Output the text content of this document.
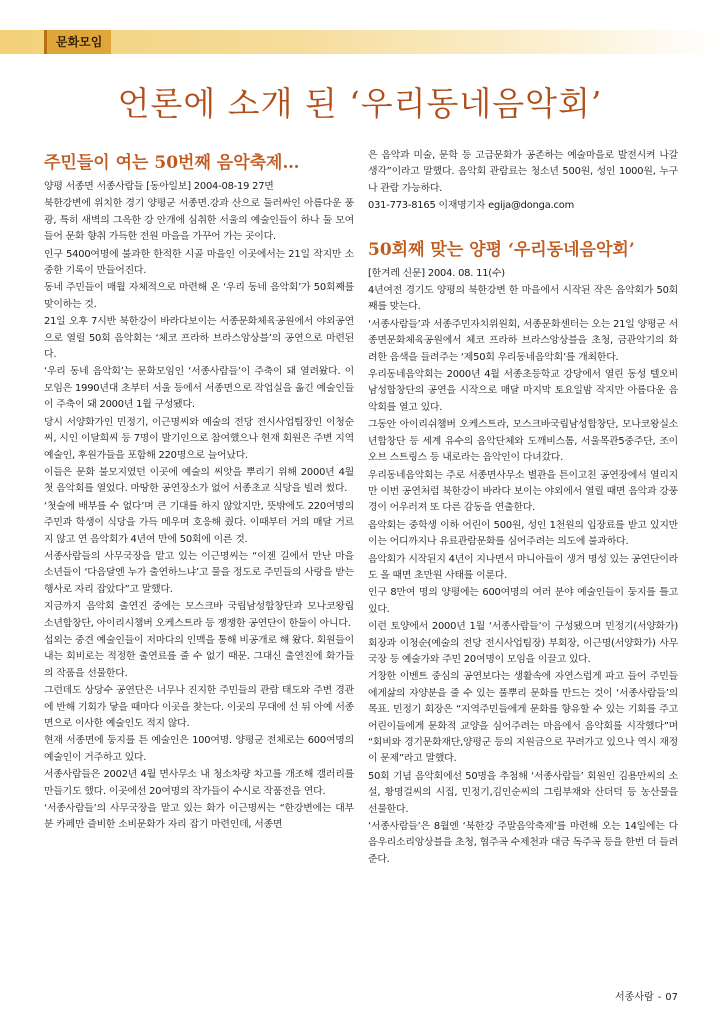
문화모임
언론에 소개 된 ‘우리동네음악회’
주민들이 여는 50번째 음악축제…

양평 서종면 서종사람들 [동아일보] 2004-08-19 27면

북한강변에 위치한 경기 양평군 서종면.강과 산으로 둘러싸인 아름다운 풍광, 특히 새벽의 그윽한 강 안개에 심취한 서울의 예술인들이 하나 둘 모여들어 문화 향취 가득한 전원 마을을 가꾸어 가는 곳이다.

인구 5400여명에 불과한 한적한 시골 마을인 이곳에서는 21일 작지만 소중한 기록이 만들어진다.

동네 주민들이 매월 자체적으로 마련해 온 ‘우리 동네 음악회’가 50회째를 맞이하는 것.

21일 오후 7시반 북한강이 바라다보이는 서종문화체육공원에서 야외공연으로 열릴 50회 음악회는 ‘체코 프라하 브라스앙상블’의 공연으로 마련된다.

‘우리 동네 음악회’는 문화모임인 ‘서종사람들’이 주축이 돼 열려왔다. 이 모임은 1990년대 초부터 서울 등에서 서종면으로 작업실을 옮긴 예술인들이 주축이 돼 2000년 1월 구성됐다.

당시 서양화가인 민정기, 이근명씨와 예술의 전당 전시사업팀장인 이청순씨, 시인 이달희씨 등 7명이 발기인으로 참여했으나 현재 회원은 주변 지역 예술인, 후원가들을 포함해 220명으로 늘어났다.

이들은 문화 불모지였던 이곳에 예술의 씨앗을 뿌리기 위해 2000년 4월 첫 음악회를 열었다. 마땅한 공연장소가 없어 서종초교 식당을 빌려 썼다.

‘첫술에 배부를 수 없다’며 큰 기대를 하지 않았지만, 뜻밖에도 220여명의 주민과 학생이 식당을 가득 메우며 호응해 줬다. 이때부터 거의 매달 거르지 않고 연 음악회가 4년여 만에 50회에 이른 것.

서종사람들의 사무국장을 맡고 있는 이근명씨는 “이젠 길에서 만난 마을 소년들이 ‘다음달엔 누가 출연하느냐’고 물을 정도로 주민들의 사랑을 받는 행사로 자리 잡았다”고 말했다.

지금까지 음악회 출연진 중에는 모스크바 국립남성합창단과 모나코왕립 소년합창단, 아이리시챔버 오케스트라 등 쟁쟁한 공연단이 한둘이 아니다.

섭외는 중견 예술인들이 저마다의 인맥을 통해 비공개로 해 왔다. 회원들이 내는 회비로는 적정한 출연료를 줄 수 없기 때문. 그대신 출연진에 화가들의 작품을 선물한다.

그런데도 상당수 공연단은 너무나 진지한 주민들의 관람 태도와 주변 경관에 반해 기회가 닿을 때마다 이곳을 찾는다. 이곳의 무대에 선 뒤 아예 서종면으로 이사한 예술인도 적지 않다.

현재 서종면에 둥지를 튼 예술인은 100여명. 양평군 전체로는 600여명의 예술인이 거주하고 있다.

서종사람들은 2002년 4월 면사무소 내 청소차량 차고를 개조해 갤러리를 만들기도 했다. 이곳에선 20여명의 작가들이 수시로 작품전을 연다.

‘서종사람들’의 사무국장을 맡고 있는 화가 이근명씨는 “한강변에는 대부분 카페만 즐비한 소비문화가 자리 잡기 마련인데, 서종면

은 음악과 미술, 문학 등 고급문화가 공존하는 예술마을로 발전시켜 나갈 생각”이라고 말했다. 음악회 관람료는 청소년 500원, 성인 1000원, 누구나 관람 가능하다.

031-773-8165 이재명기자 egija@donga.com

50회째 맞는 양평 ‘우리동네음악회’

[한겨레 신문] 2004. 08. 11(수)

4년여전 경기도 양평의 북한강변 한 마을에서 시작된 작은 음악회가 50회째를 맞는다.

‘서종사람들’과 서종주민자치위원회, 서종문화센터는 오는 21일 양평군 서종면문화체육공원에서 체코 프라하 브라스앙상블을 초청, 금관악기의 화려한 음색을 들려주는 ‘제50회 우리동네음악회’를 개최한다.

우리동네음악회는 2000년 4월 서종초등학교 강당에서 열린 동성 텔오비 남성합창단의 공연을 시작으로 매달 마지막 토요일밤 작지만 아름다운 음악회를 열고 있다.

그동안 아이리쉬챔버 오케스트라, 모스크바국립남성합창단, 모나코왕실소년합창단 등 세계 유수의 음악단체와 도깨비스톰, 서울목관5중주단, 조이 오브 스트링스 등 내로라는 음악인이 다녀갔다.

우리동네음악회는 주로 서종면사무소 별관을 튼이고친 공연장에서 열리지만 이번 공연처럼 북한강이 바라다 보이는 야외에서 열릴 때면 음악과 강풍경이 어우러져 또 다른 감동을 연출한다.

음악회는 중학생 이하 어린이 500원, 성인 1천원의 입장료를 받고 있지만 이는 어디까지나 유료관람문화를 심어주려는 의도에 불과하다.

음악회가 시작된지 4년이 지나면서 마니아들이 생겨 명성 있는 공연단이라도 올 때면 초만원 사태를 이룬다.

인구 8만여 명의 양평에는 600여명의 여러 분야 예술인들이 둥지를 틀고 있다.

이런 토양에서 2000년 1월 ‘서종사람들’이 구성됐으며 민정기(서양화가)회장과 이청순(예술의 전당 전시사업팀장) 부회장, 이근명(서양화가) 사무국장 등 예술가와 주민 20여명이 모임을 이끌고 있다.

거창한 이벤트 중심의 공연보다는 생활속에 자연스럽게 파고 들어 주민들에게삶의 자양분을 줄 수 있는 풀뿌리 문화를 만드는 것이 ‘서종사람들’의 목표. 민정기 회장은 “지역주민들에게 문화를 향유할 수 있는 기회를 주고 어린이들에게 문화적 교양을 심어주려는 마음에서 음악회를 시작했다”며 “회비와 경기문화재단,양평군 등의 지원금으로 꾸려가고 있으나 역시 재정이 문제”라고 말했다.

50회 기념 음악회에선 50명을 추첨해 ‘서종사람들’ 회원인 김용만씨의 소설, 황명걸씨의 시집, 민정기,김인순씨의 그림부채와 산더덕 등 농산물을 선물한다.

‘서종사람들’은 8월엔 ‘북한강 주말음악축제’를 마련해 오는 14일에는 다음우리소리앙상블을 초청, 협주곡 수제천과 대금 독주곡 등을 한번 더 들려준다.

서종사람 - 07
